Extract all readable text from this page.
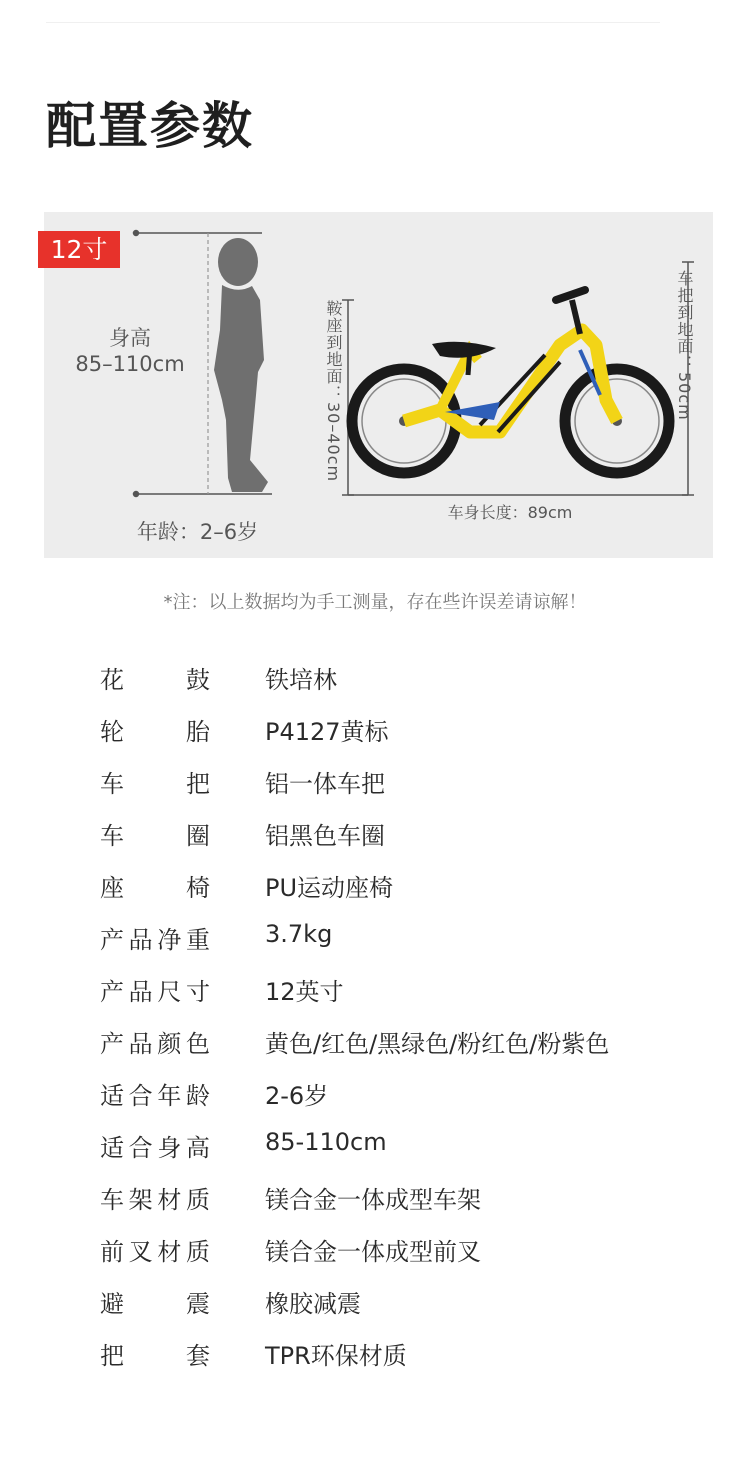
配置参数
12寸
身高
85–110cm
年龄：2–6岁
鞍座到地面：30–40cm	车把到地面：50cm
车身长度：89cm
*注：以上数据均为手工测量，存在些许误差请谅解！
花鼓 铁培林
轮胎 P4127黄标
车把 铝一体车把
车圈 铝黑色车圈
座椅 PU运动座椅
产品净重 3.7kg
产品尺寸 12英寸
产品颜色 黄色/红色/黑绿色/粉红色/粉紫色
适合年龄 2-6岁
适合身高 85-110cm
车架材质 镁合金一体成型车架
前叉材质 镁合金一体成型前叉
避震 橡胶减震
把套 TPR环保材质
